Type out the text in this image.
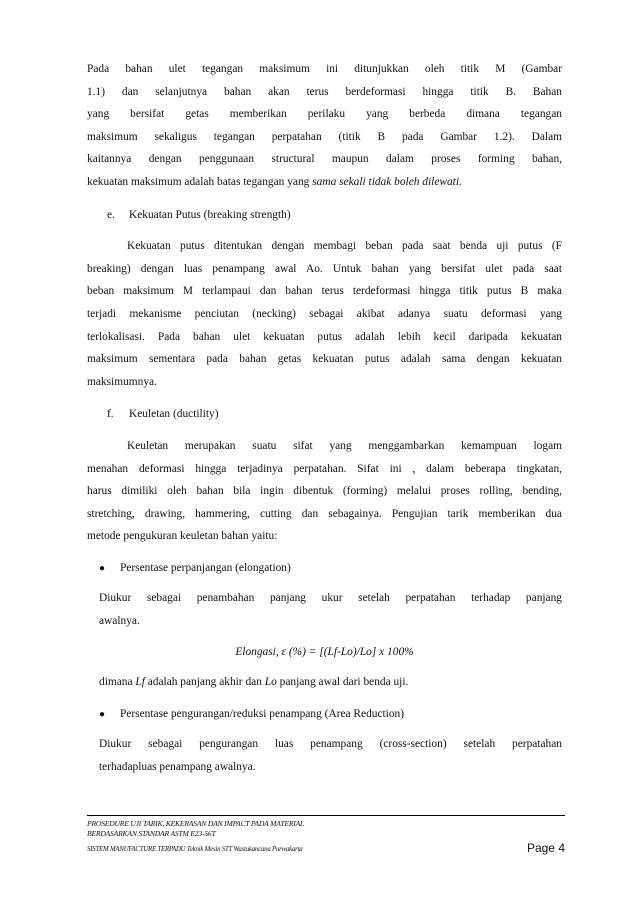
Pada bahan ulet tegangan maksimum ini ditunjukkan oleh titik M (Gambar

1.1) dan selanjutnya bahan akan terus berdeformasi hingga titik B. Bahan

yang bersifat getas memberikan perilaku yang berbeda dimana tegangan

maksimum sekaligus tegangan perpatahan (titik B pada Gambar 1.2). Dalam

kaitannya dengan penggunaan structural maupun dalam proses forming bahan,

kekuatan maksimum adalah batas tegangan yang sama sekali tidak boleh dilewati.

e. Kekuatan Putus (breaking strength)

Kekuatan putus ditentukan dengan membagi beban pada saat benda uji putus (F

breaking) dengan luas penampang awal Ao. Untuk bahan yang bersifat ulet pada saat

beban maksimum M terlampaui dan bahan terus terdeformasi hingga titik putus B maka

terjadi mekanisme penciutan (necking) sebagai akibat adanya suatu deformasi yang

terlokalisasi. Pada bahan ulet kekuatan putus adalah lebih kecil daripada kekuatan

maksimum sementara pada bahan getas kekuatan putus adalah sama dengan kekuatan

maksimumnya.

f. Keuletan (ductility)

Keuletan merupakan suatu sifat yang menggambarkan kemampuan logam

menahan deformasi hingga terjadinya perpatahan. Sifat ini , dalam beberapa tingkatan,

harus dimiliki oleh bahan bila ingin dibentuk (forming) melalui proses rolling, bending,

stretching, drawing, hammering, cutting dan sebagainya. Pengujian tarik memberikan dua

metode pengukuran keuletan bahan yaitu:

● Persentase perpanjangan (elongation)

Diukur sebagai penambahan panjang ukur setelah perpatahan terhadap panjang

awalnya.

Elongasi, ε (%) = [(Lf-Lo)/Lo] x 100%

dimana Lf adalah panjang akhir dan Lo panjang awal dari benda uji.

● Persentase pengurangan/reduksi penampang (Area Reduction)

Diukur sebagai pengurangan luas penampang (cross-section) setelah perpatahan

terhadapluas penampang awalnya.

PROSEDURE UJI TARIK, KEKERASAN DAN IMPACT PADA MATERIAL
BERDASARKAN STANDAR ASTM E23-56T
SISTEM MANUFACTURE TERPADU Teknik Mesin STT Wastukancana Purwakarta	Page 4
